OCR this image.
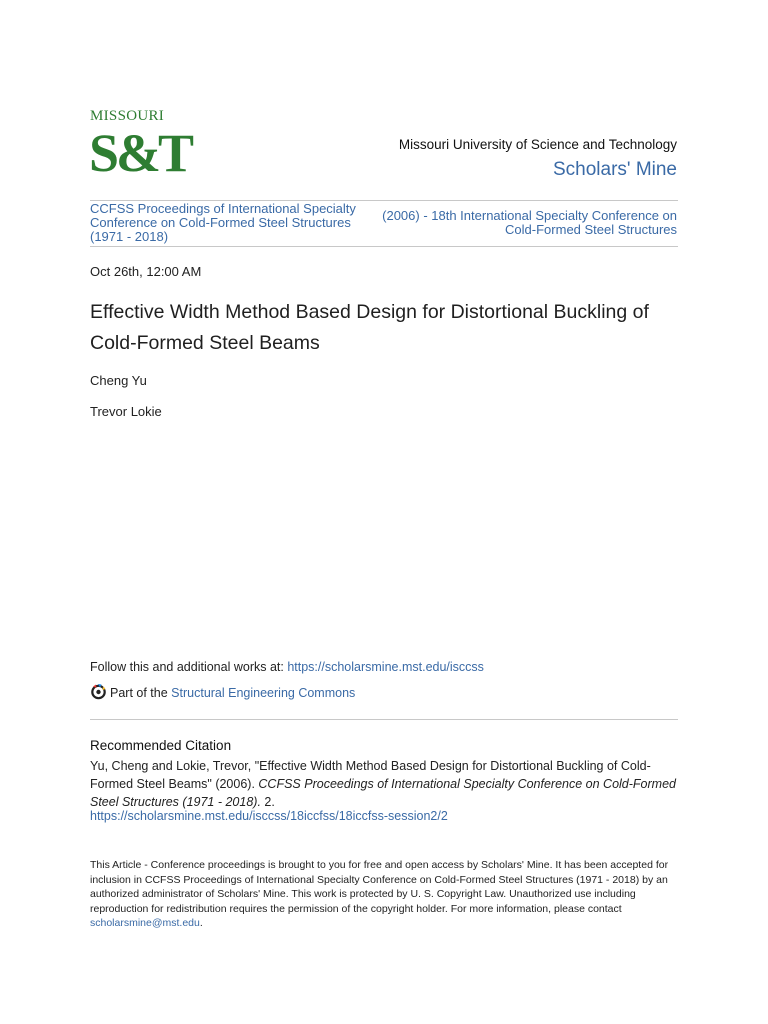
MISSOURI
S&T	Missouri University of Science and Technology
Scholars' Mine
CCFSS Proceedings of International Specialty Conference on Cold-Formed Steel Structures (1971 - 2018)
(2006) - 18th International Specialty Conference on Cold-Formed Steel Structures
Oct 26th, 12:00 AM
Effective Width Method Based Design for Distortional Buckling of Cold-Formed Steel Beams
Cheng Yu
Trevor Lokie
Follow this and additional works at: https://scholarsmine.mst.edu/isccss
Part of the
Structural Engineering Commons
Recommended Citation
Yu, Cheng and Lokie, Trevor, "Effective Width Method Based Design for Distortional Buckling of Cold-Formed Steel Beams" (2006). CCFSS Proceedings of International Specialty Conference on Cold-Formed Steel Structures (1971 - 2018). 2.
https://scholarsmine.mst.edu/isccss/18iccfss/18iccfss-session2/2
This Article - Conference proceedings is brought to you for free and open access by Scholars' Mine. It has been accepted for inclusion in CCFSS Proceedings of International Specialty Conference on Cold-Formed Steel Structures (1971 - 2018) by an authorized administrator of Scholars' Mine. This work is protected by U. S. Copyright Law. Unauthorized use including reproduction for redistribution requires the permission of the copyright holder. For more information, please contact scholarsmine@mst.edu.
